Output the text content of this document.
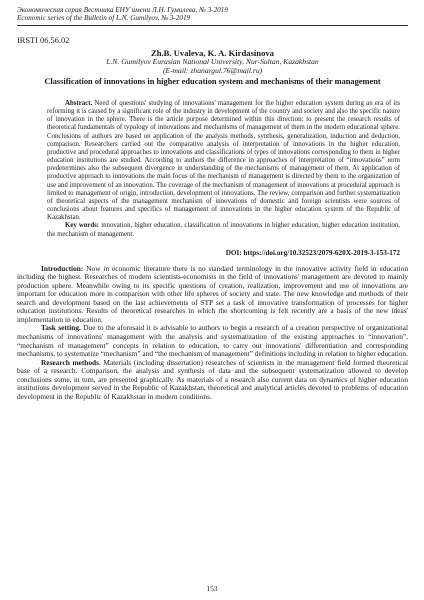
Экономическая серия Вестника ЕНУ имени Л.Н. Гумилева, № 3-2019
Economic series of the Bulletin of L.N. Gumilyov, № 3-2019
IRSTI 06.56.02
Zh.B. Uvaleva, K. A. Kirdasinova
L.N. Gumilyov Eurasian National University, Nur-Sultan, Kazakhstan
(E-mail: zhanargul.76@mail.ru)
Classification of innovations in higher education system and mechanisms of their management
Abstract. Need of questions' studying of innovations' management for the higher education system during an era of its reforming it is caused by a significant role of the industry in development of the country and society and also the specific nature of innovation in the sphere. There is the article purpose determined within this direction: to present the research results of theoretical fundamentals of typology of innovations and mechanisms of management of them in the modern educational sphere. Conclusions of authors are based on application of the analysis methods, synthesis, generalization, induction and deduction, comparison. Researchers carried out the comparative analysis of interpretation of innovations in the higher education, productive and procedural approaches to innovations and classifications of types of innovations corresponding to them in higher education institutions are studied. According to authors the difference in approaches of interpretation of “innovations” term predetermines also the subsequent divergence in understanding of the mechanisms of management of them. At application of productive approach to innovations the main focus of the mechanism of management is directed by them to the organization of use and improvement of an innovation. The coverage of the mechanism of management of innovations at procedural approach is limited to management of origin, introduction, development of innovations. The review, comparison and further systematization of theoretical aspects of the management mechanism of innovations of domestic and foreign scientists were sources of conclusions about features and specifics of management of innovations in the higher education system of the Republic of Kazakhstan.
Key words: innovation, higher education, classification of innovations in higher education, higher education institution, the mechanism of management.
DOI: https://doi.org/10.32523/2079-620X-2019-3-153-172

Introduction: Now in economic literature there is no standard terminology in the innovative activity field in education including the highest. Researches of modern scientists-economists in the field of innovations' management are devoted to mainly production sphere. Meanwhile owing to its specific questions of creation, realization, improvement and use of innovations are important for education more in comparison with other life spheres of society and state. The new knowledge and methods of their search and development based on the last achievements of STP set a task of innovative transformation of processes for higher education institutions. Results of theoretical researches in which the shortcoming is felt recently are a basis of the new ideas' implementation in education.

Task setting. Due to the aforesaid it is advisable to authors to begin a research of a creation perspective of organizational mechanisms of innovations' management with the analysis and systematization of the existing approaches to “innovation”, “mechanism of management” concepts in relation to education, to carry out innovations' differentiation and corresponding mechanisms, to systematize “mechanism” and “the mechanism of management” definitions including in relation to higher education.

Research methods. Materials (including dissertation) researches of scientists in the management field formed theoretical base of a research. Comparison, the analysis and synthesis of data and the subsequent systematization allowed to develop conclusions some, in turn, are presented graphically. As materials of a research also current data on dynamics of higher education institutions development served in the Republic of Kazakhstan, theoretical and analytical articles devoted to problems of education development in the Republic of Kazakhstan in modern conditions.

153
